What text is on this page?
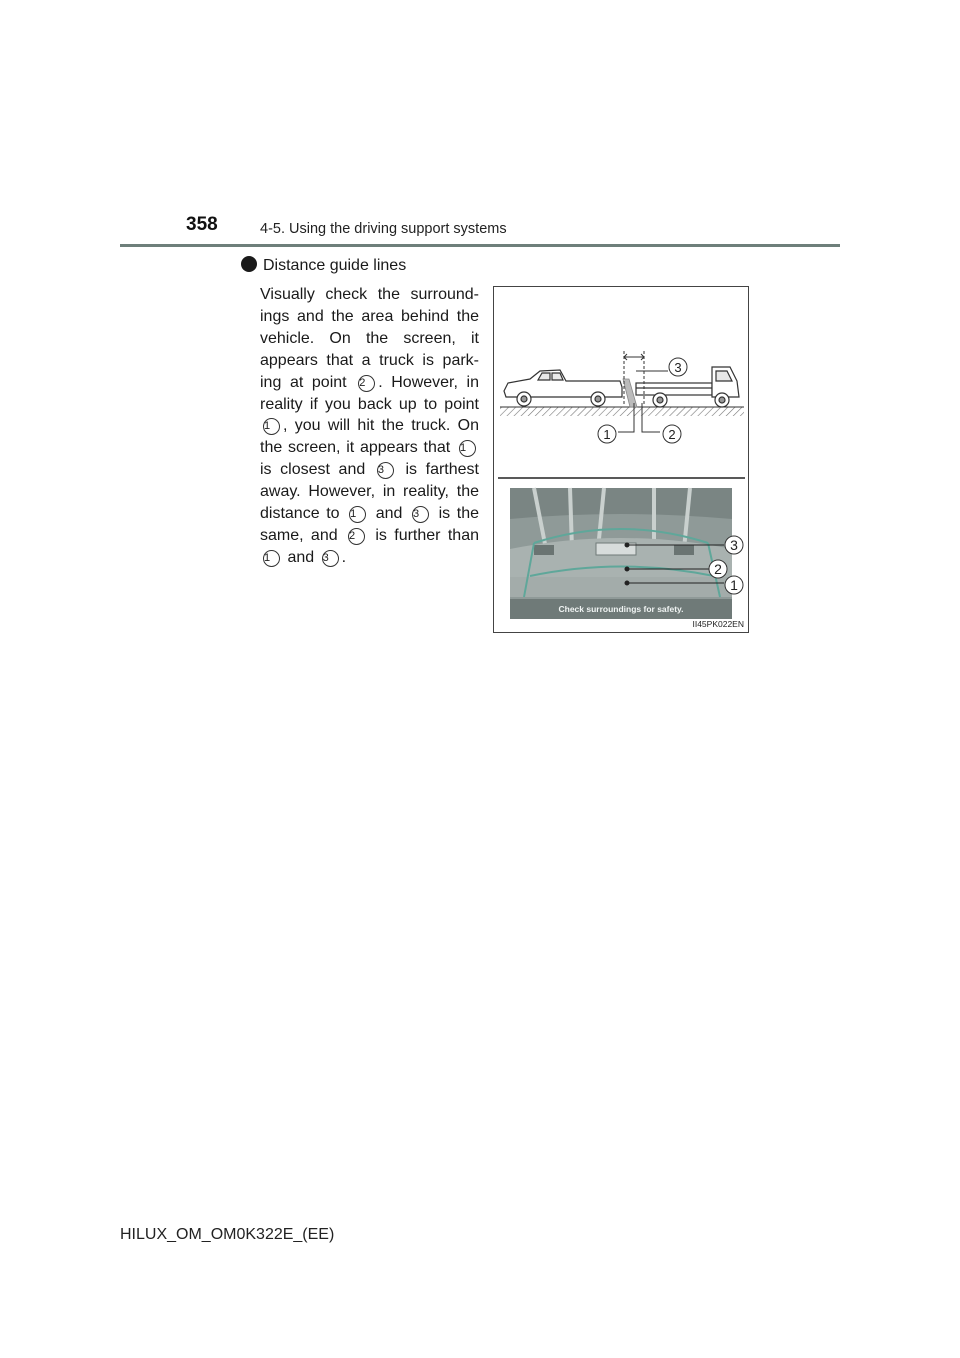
358	4-5. Using the driving support systems
Distance guide lines
Visually check the surround-
ings and the area behind the
vehicle. On the screen, it
appears that a truck is park-
ing at point 2 . However, in
reality if you back up to point
1 , you will hit the truck. On
the screen, it appears that 1
is closest and 3 is farthest
away. However, in reality, the
distance to 1 and 3 is the
same, and 2 is further than
1 and 3 .
3
1	2
3
2
1
Check surroundings for safety.
II45PK022EN
HILUX_OM_OM0K322E_(EE)
